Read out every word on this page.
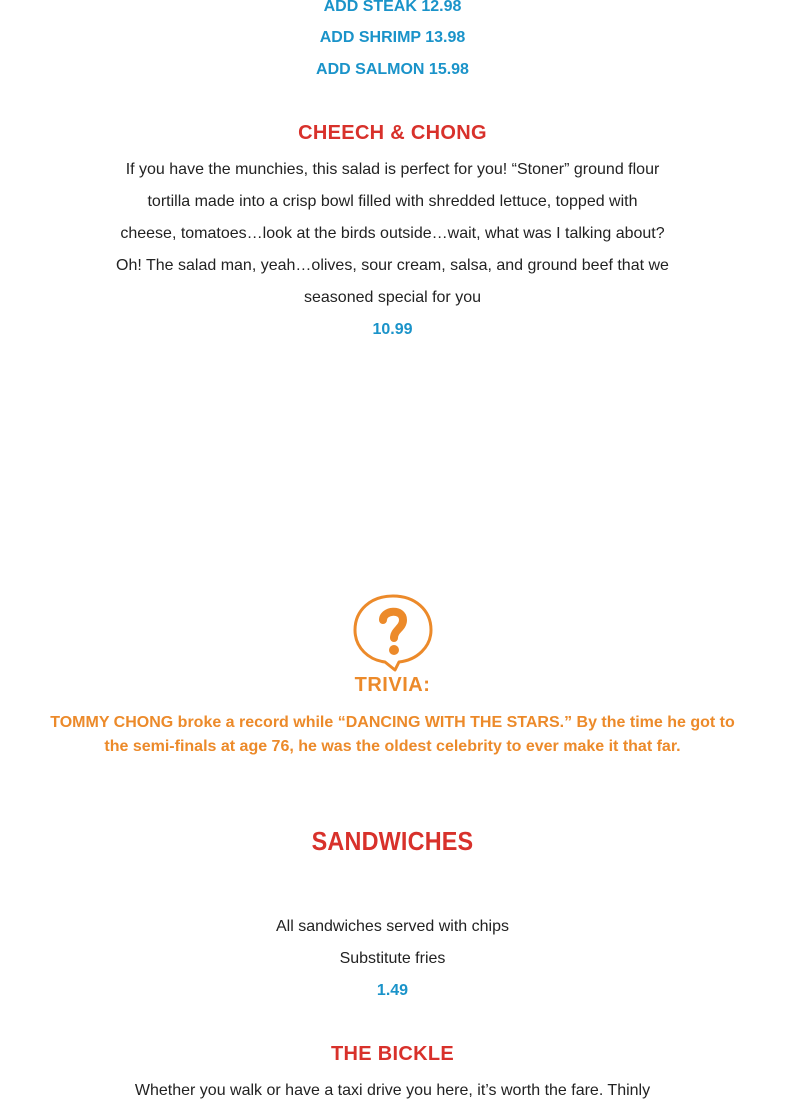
ADD STEAK 12.98
ADD SHRIMP 13.98
ADD SALMON 15.98
CHEECH & CHONG
If you have the munchies, this salad is perfect for you! “Stoner” ground flour
tortilla made into a crisp bowl filled with shredded lettuce, topped with
cheese, tomatoes…look at the birds outside…wait, what was I talking about?
Oh! The salad man, yeah…olives, sour cream, salsa, and ground beef that we
seasoned special for you
10.99
TRIVIA:
TOMMY CHONG broke a record while “DANCING WITH THE STARS.” By the time he got to
the semi-finals at age 76, he was the oldest celebrity to ever make it that far.
SANDWICHES
All sandwiches served with chips
Substitute fries
1.49
THE BICKLE
Whether you walk or have a taxi drive you here, it’s worth the fare. Thinly
